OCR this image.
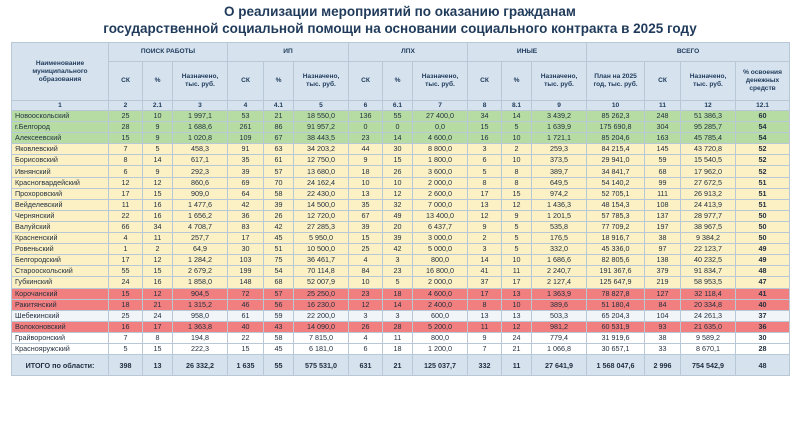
О реализации мероприятий по оказанию гражданам
государственной социальной помощи на основании социального контракта в 2025 году
Наименование муниципального образования	ПОИСК РАБОТЫ			ИП			ЛПХ			ИНЫЕ			ВСЕГО			
	СК	%	Назначено, тыс. руб.	СК	%	Назначено, тыс. руб.	СК	%	Назначено, тыс. руб.	СК	%	Назначено, тыс. руб.	План на 2025 год, тыс. руб.	СК	Назначено, тыс. руб.	% освоения денежных средств
1	2	2.1	3	4	4.1	5	6	6.1	7	8	8.1	9	10	11	12	12.1
Новооскольский	25	10	1 997,1	53	21	18 550,0	136	55	27 400,0	34	14	3 439,2	85 262,3	248	51 386,3	60
г.Белгород	28	9	1 688,6	261	86	91 957,2	0	0	0,0	15	5	1 639,9	175 690,8	304	95 285,7	54
Алексеевский	15	9	1 020,8	109	67	38 443,5	23	14	4 600,0	16	10	1 721,1	85 204,6	163	45 785,4	54
Яковлевский	7	5	458,3	91	63	34 203,2	44	30	8 800,0	3	2	259,3	84 215,4	145	43 720,8	52
Борисовский	8	14	617,1	35	61	12 750,0	9	15	1 800,0	6	10	373,5	29 941,0	59	15 540,5	52
Ивнянский	6	9	292,3	39	57	13 680,0	18	26	3 600,0	5	8	389,7	34 841,7	68	17 962,0	52
Красногвардейский	12	12	860,6	69	70	24 162,4	10	10	2 000,0	8	8	649,5	54 140,2	99	27 672,5	51
Прохоровский	17	15	909,0	64	58	22 430,0	13	12	2 600,0	17	15	974,2	52 705,1	111	26 913,2	51
Вейделевский	11	16	1 477,6	42	39	14 500,0	35	32	7 000,0	13	12	1 436,3	48 154,3	108	24 413,9	51
Чернянский	22	16	1 656,2	36	26	12 720,0	67	49	13 400,0	12	9	1 201,5	57 785,3	137	28 977,7	50
Валуйский	66	34	4 708,7	83	42	27 285,3	39	20	6 437,7	9	5	535,8	77 709,2	197	38 967,5	50
Красненский	4	11	257,7	17	45	5 950,0	15	39	3 000,0	2	5	176,5	18 916,7	38	9 384,2	50
Ровеньский	1	2	64,9	30	51	10 500,0	25	42	5 000,0	3	5	332,0	45 336,0	97	22 123,7	49
Белгородский	17	12	1 284,2	103	75	36 461,7	4	3	800,0	14	10	1 686,6	82 805,6	138	40 232,5	49
Старооскольский	55	15	2 679,2	199	54	70 114,8	84	23	16 800,0	41	11	2 240,7	191 367,6	379	91 834,7	48
Губкинский	24	16	1 858,0	148	68	52 007,9	10	5	2 000,0	37	17	2 127,4	125 647,9	219	58 953,5	47
Корочанский	15	12	904,5	72	57	25 250,0	23	18	4 600,0	17	13	1 363,9	78 827,8	127	32 118,4	41
Ракитянский	18	21	1 315,2	46	56	16 230,0	12	14	2 400,0	8	10	389,6	51 180,4	84	20 334,8	40
Шебекинский	25	24	958,0	61	59	22 200,0	3	3	600,0	13	13	503,3	65 204,3	104	24 261,3	37
Волоконовский	16	17	1 363,8	40	43	14 090,0	26	28	5 200,0	11	12	981,2	60 531,9	93	21 635,0	36
Грайворонский	7	8	194,8	22	58	7 815,0	4	11	800,0	9	24	779,4	31 919,6	38	9 589,2	30
Краснояружский	5	15	222,3	15	45	6 181,0	6	18	1 200,0	7	21	1 066,8	30 657,1	33	8 670,1	28
ИТОГО по области:	398	13	26 332,2	1 635	55	575 531,0	631	21	125 037,7	332	11	27 641,9	1 568 047,6	2 996	754 542,9	48
